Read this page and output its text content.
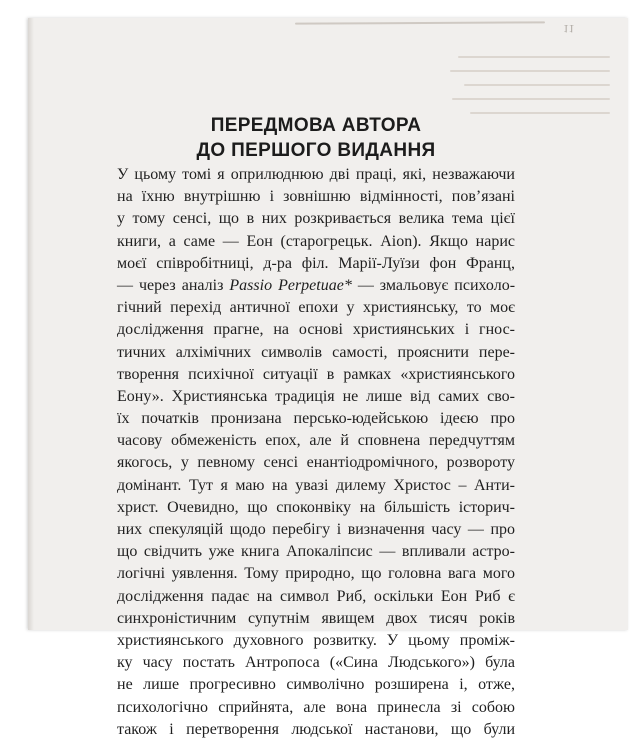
11
ПЕРЕДМОВА АВТОРА
ДО ПЕРШОГО ВИДАННЯ
У цьому томі я оприлюднюю дві праці, які, незважаючи
на їхню внутрішню і зовнішню відмінності, пов’язані
у тому сенсі, що в них розкривається велика тема цієї
книги, а саме — Еон (старогрецьк. Aion). Якщо нарис
моєї співробітниці, д-ра філ. Марії-Луїзи фон Франц,
— через аналіз Passio Perpetuae* — змальовує психоло-
гічний перехід античної епохи у християнську, то моє
дослідження прагне, на основі християнських і гнос-
тичних алхімічних символів самості, прояснити пере-
творення психічної ситуації в рамках «християнського
Еону». Християнська традиція не лише від самих сво-
їх початків пронизана персько-юдейською ідеєю про
часову обмеженість епох, але й сповнена передчуттям
якогось, у певному сенсі енантіодромічного, розвороту
домінант. Тут я маю на увазі дилему Христос – Анти-
христ. Очевидно, що споконвіку на більшість історич-
них спекуляцій щодо перебігу і визначення часу — про
що свідчить уже книга Апокаліпсис — впливали астро-
логічні уявлення. Тому природно, що головна вага мого
дослідження падає на символ Риб, оскільки Еон Риб є
синхроністичним супутнім явищем двох тисяч років
християнського духовного розвитку. У цьому проміж-
ку часу постать Антропоса («Сина Людського») була
не лише прогресивно символічно розширена і, отже,
психологічно сприйнята, але вона принесла зі собою
також і перетворення людської настанови, що були
